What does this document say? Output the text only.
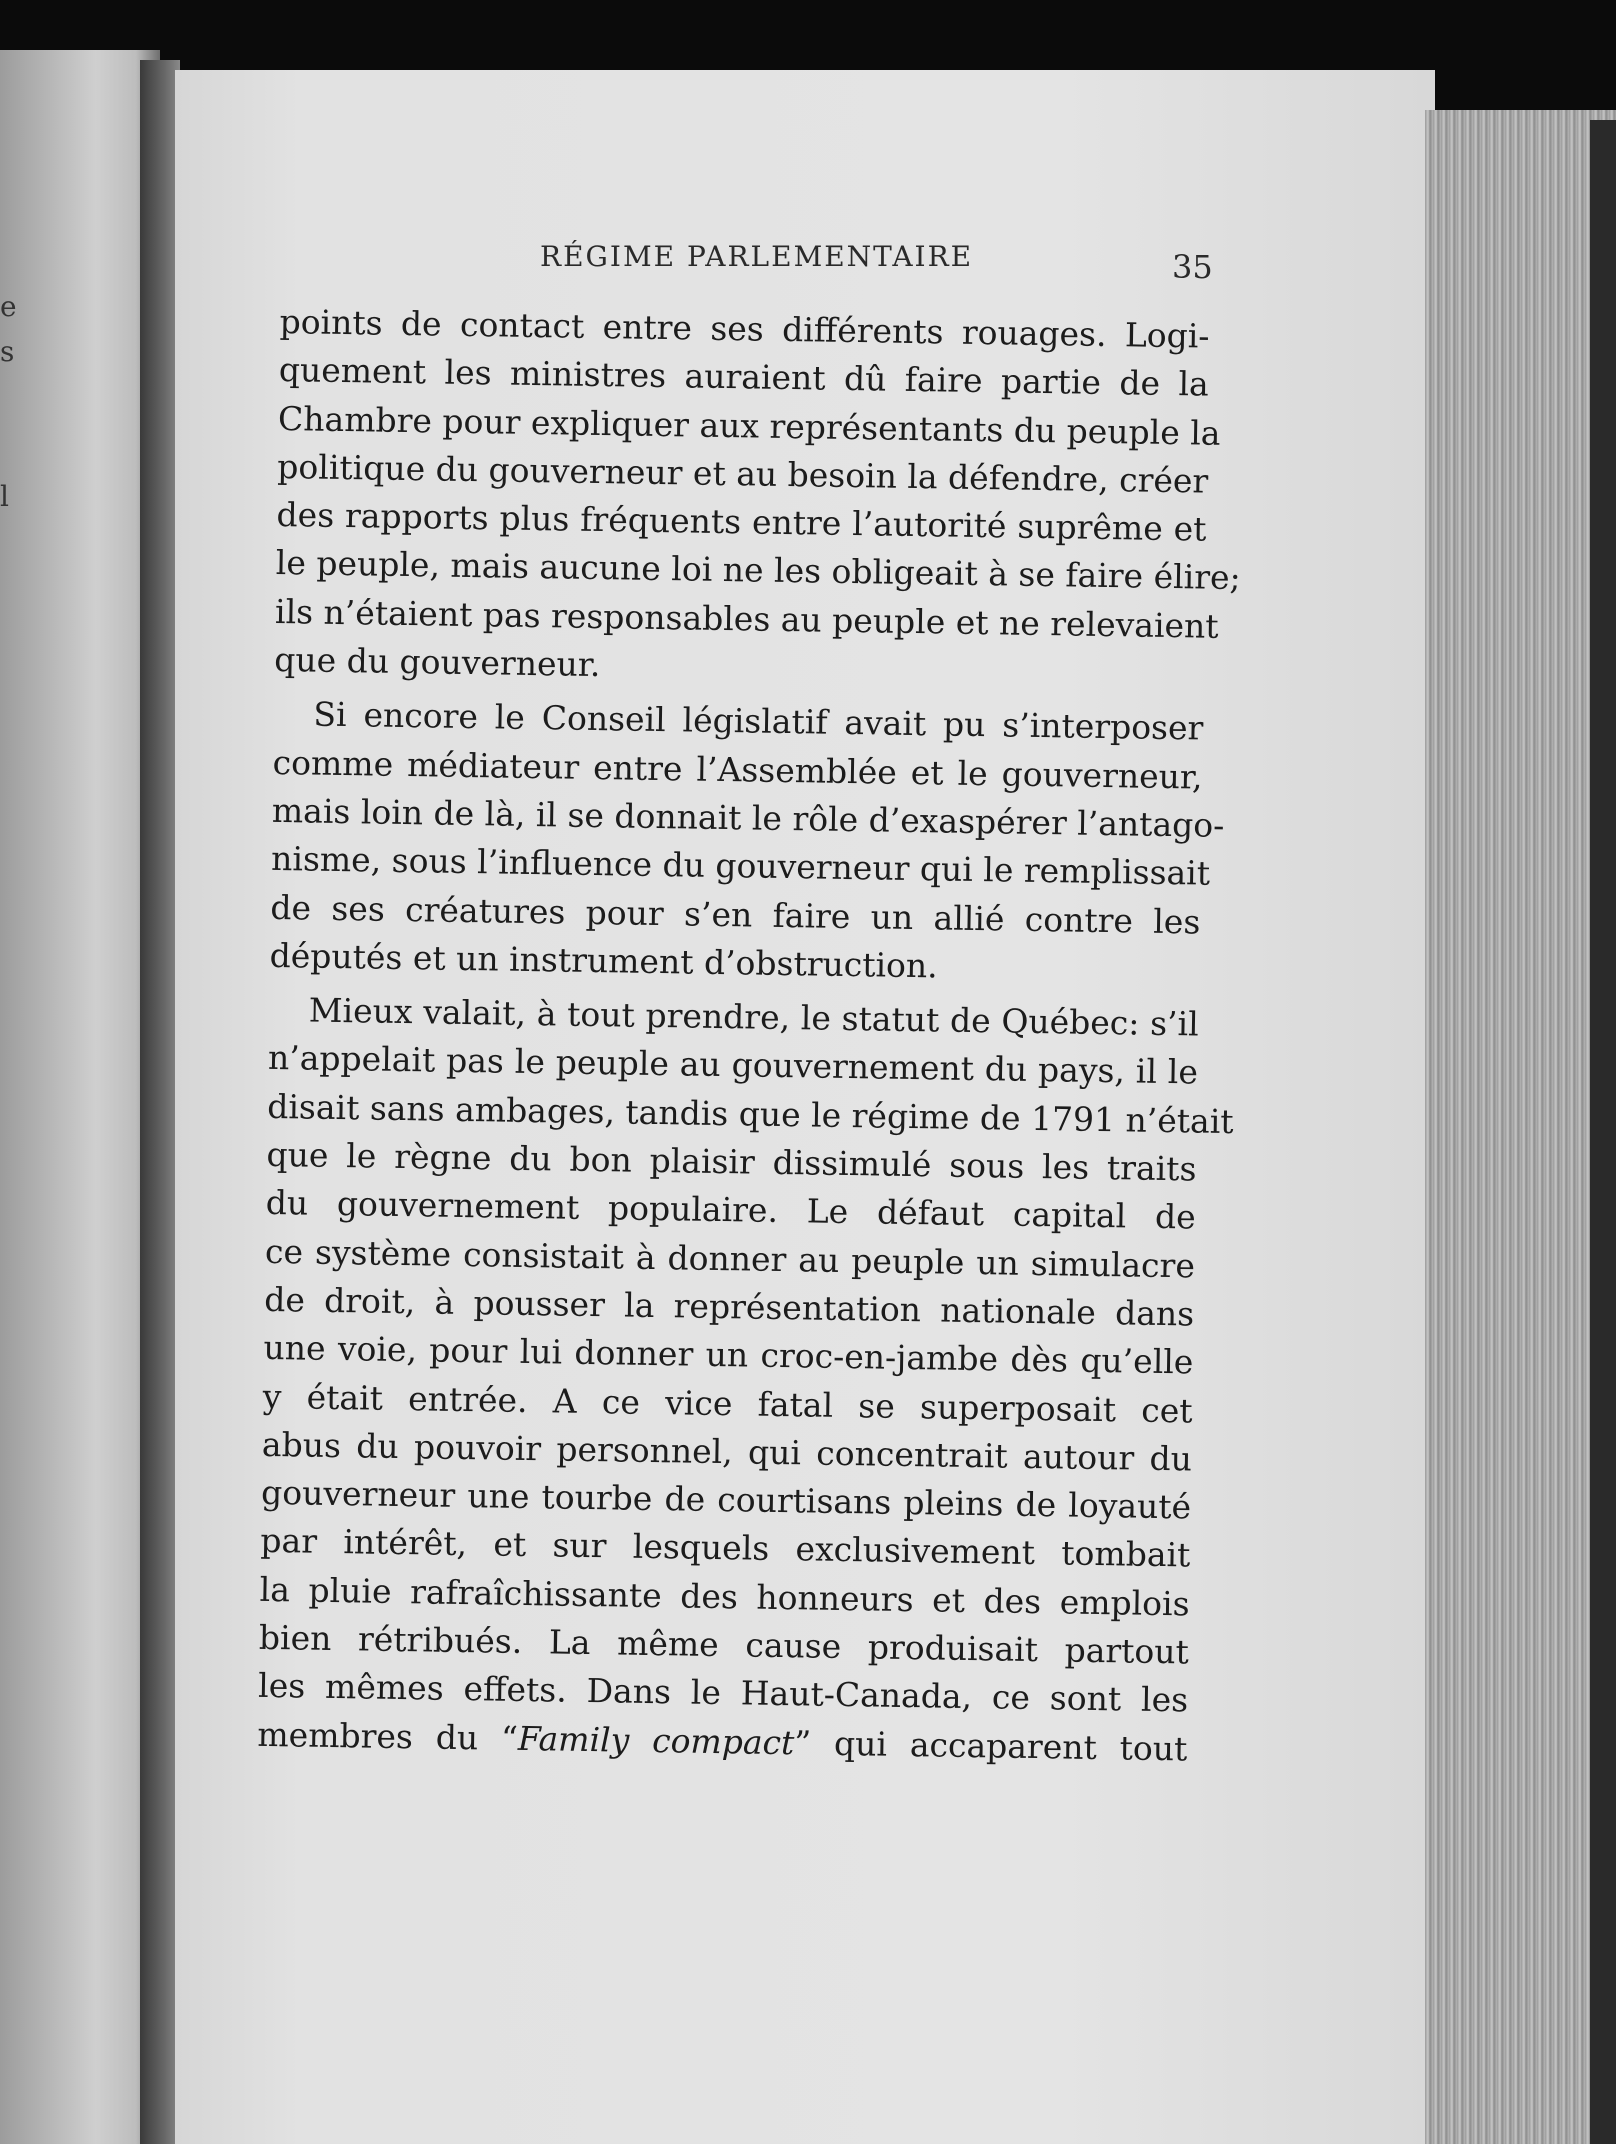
e
s
l
RÉGIME PARLEMENTAIRE	35
points de contact entre ses différents rouages. Logi-
quement les ministres auraient dû faire partie de la
Chambre pour expliquer aux représentants du peuple la
politique du gouverneur et au besoin la défendre, créer
des rapports plus fréquents entre l’autorité suprême et
le peuple, mais aucune loi ne les obligeait à se faire élire;
ils n’étaient pas responsables au peuple et ne relevaient
que du gouverneur.
Si encore le Conseil législatif avait pu s’interposer
comme médiateur entre l’Assemblée et le gouverneur,
mais loin de là, il se donnait le rôle d’exaspérer l’antago-
nisme, sous l’influence du gouverneur qui le remplissait
de ses créatures pour s’en faire un allié contre les
députés et un instrument d’obstruction.
Mieux valait, à tout prendre, le statut de Québec: s’il
n’appelait pas le peuple au gouvernement du pays, il le
disait sans ambages, tandis que le régime de 1791 n’était
que le règne du bon plaisir dissimulé sous les traits
du gouvernement populaire. Le défaut capital de
ce système consistait à donner au peuple un simulacre
de droit, à pousser la représentation nationale dans
une voie, pour lui donner un croc-en-jambe dès qu’elle
y était entrée. A ce vice fatal se superposait cet
abus du pouvoir personnel, qui concentrait autour du
gouverneur une tourbe de courtisans pleins de loyauté
par intérêt, et sur lesquels exclusivement tombait
la pluie rafraîchissante des honneurs et des emplois
bien rétribués. La même cause produisait partout
les mêmes effets. Dans le Haut-Canada, ce sont les
membres du “Family compact” qui accaparent tout
